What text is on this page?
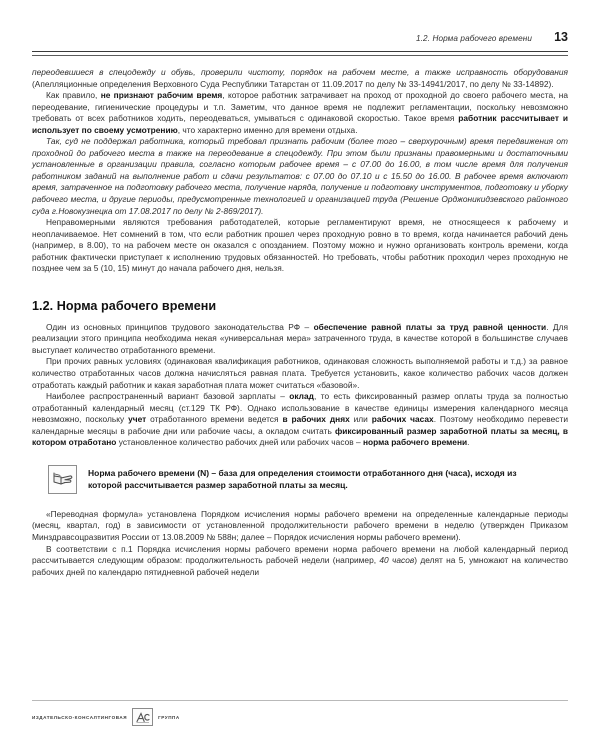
1.2. Норма рабочего времени	13

переодевшиеся в спецодежду и обувь, проверили чистоту, порядок на рабочем месте, а также исправность оборудования (Апелляционные определения Верховного Суда Республики Татарстан от 11.09.2017 по делу № 33-14941/2017, по делу № 33-14892).

Как правило, не признают рабочим время, которое работник затрачивает на проход от проходной до своего рабочего места, на переодевание, гигиенические процедуры и т.п. Заметим, что данное время не подлежит регламентации, поскольку невозможно требовать от всех работников ходить, переодеваться, умываться с одинаковой скоростью. Такое время работник рассчитывает и использует по своему усмотрению, что характерно именно для времени отдыха.

Так, суд не поддержал работника, который требовал признать рабочим (более того – сверхурочным) время передвижения от проходной до рабочего места в также на переодевание в спецодежду. При этом были признаны правомерными и достаточными установленные в организации правила, согласно которым рабочее время – с 07.00 до 16.00, в том числе время для получения работником заданий на выполнение работ и сдачи результатов: с 07.00 до 07.10 и с 15.50 до 16.00. В рабочее время включают время, затраченное на подготовку рабочего места, получение наряда, получение и подготовку инструментов, подготовку и уборку рабочего места, и другие периоды, предусмотренные технологией и организацией труда (Решение Орджоникидзевского районного суда г.Новокузнецка от 17.08.2017 по делу № 2-869/2017).

Неправомерными являются требования работодателей, которые регламентируют время, не относящееся к рабочему и неоплачиваемое. Нет сомнений в том, что если работник прошел через проходную ровно в то время, когда начинается рабочий день (например, в 8.00), то на рабочем месте он оказался с опозданием. Поэтому можно и нужно организовать контроль времени, когда работник фактически приступает к исполнению трудовых обязанностей. Но требовать, чтобы работник проходил через проходную не позднее чем за 5 (10, 15) минут до начала рабочего дня, нельзя.

1.2. Норма рабочего времени

Один из основных принципов трудового законодательства РФ – обеспечение равной платы за труд равной ценности. Для реализации этого принципа необходима некая «универсальная мера» затраченного труда, в качестве которой в большинстве случаев выступает количество отработанного времени.

При прочих равных условиях (одинаковая квалификация работников, одинаковая сложность выполняемой работы и т.д.) за равное количество отработанных часов должна начисляться равная плата. Требуется установить, какое количество рабочих часов должен отработать каждый работник и какая заработная плата может считаться «базовой».

Наиболее распространенный вариант базовой зарплаты – оклад, то есть фиксированный размер оплаты труда за полностью отработанный календарный месяц (ст.129 ТК РФ). Однако использование в качестве единицы измерения календарного месяца невозможно, поскольку учет отработанного времени ведется в рабочих днях или рабочих часах. Поэтому необходимо перевести календарные месяцы в рабочие дни или рабочие часы, а окладом считать фиксированный размер заработной платы за месяц, в котором отработано установленное количество рабочих дней или рабочих часов – норма рабочего времени.

Норма рабочего времени (N) – база для определения стоимости отработанного дня (часа), исходя из которой рассчитывается размер заработной платы за месяц.

«Переводная формула» установлена Порядком исчисления нормы рабочего времени на определенные календарные периоды (месяц, квартал, год) в зависимости от установленной продолжительности рабочего времени в неделю (утвержден Приказом Минздравсоцразвития России от 13.08.2009 № 588н; далее – Порядок исчисления нормы рабочего времени).

В соответствии с п.1 Порядка исчисления нормы рабочего времени норма рабочего времени на любой календарный период рассчитывается следующим образом: продолжительность рабочей недели (например, 40 часов) делят на 5, умножают на количество рабочих дней по календарю пятидневной рабочей недели

ИЗДАТЕЛЬСКО-КОНСАЛТИНГОВАЯ	ГРУППА
